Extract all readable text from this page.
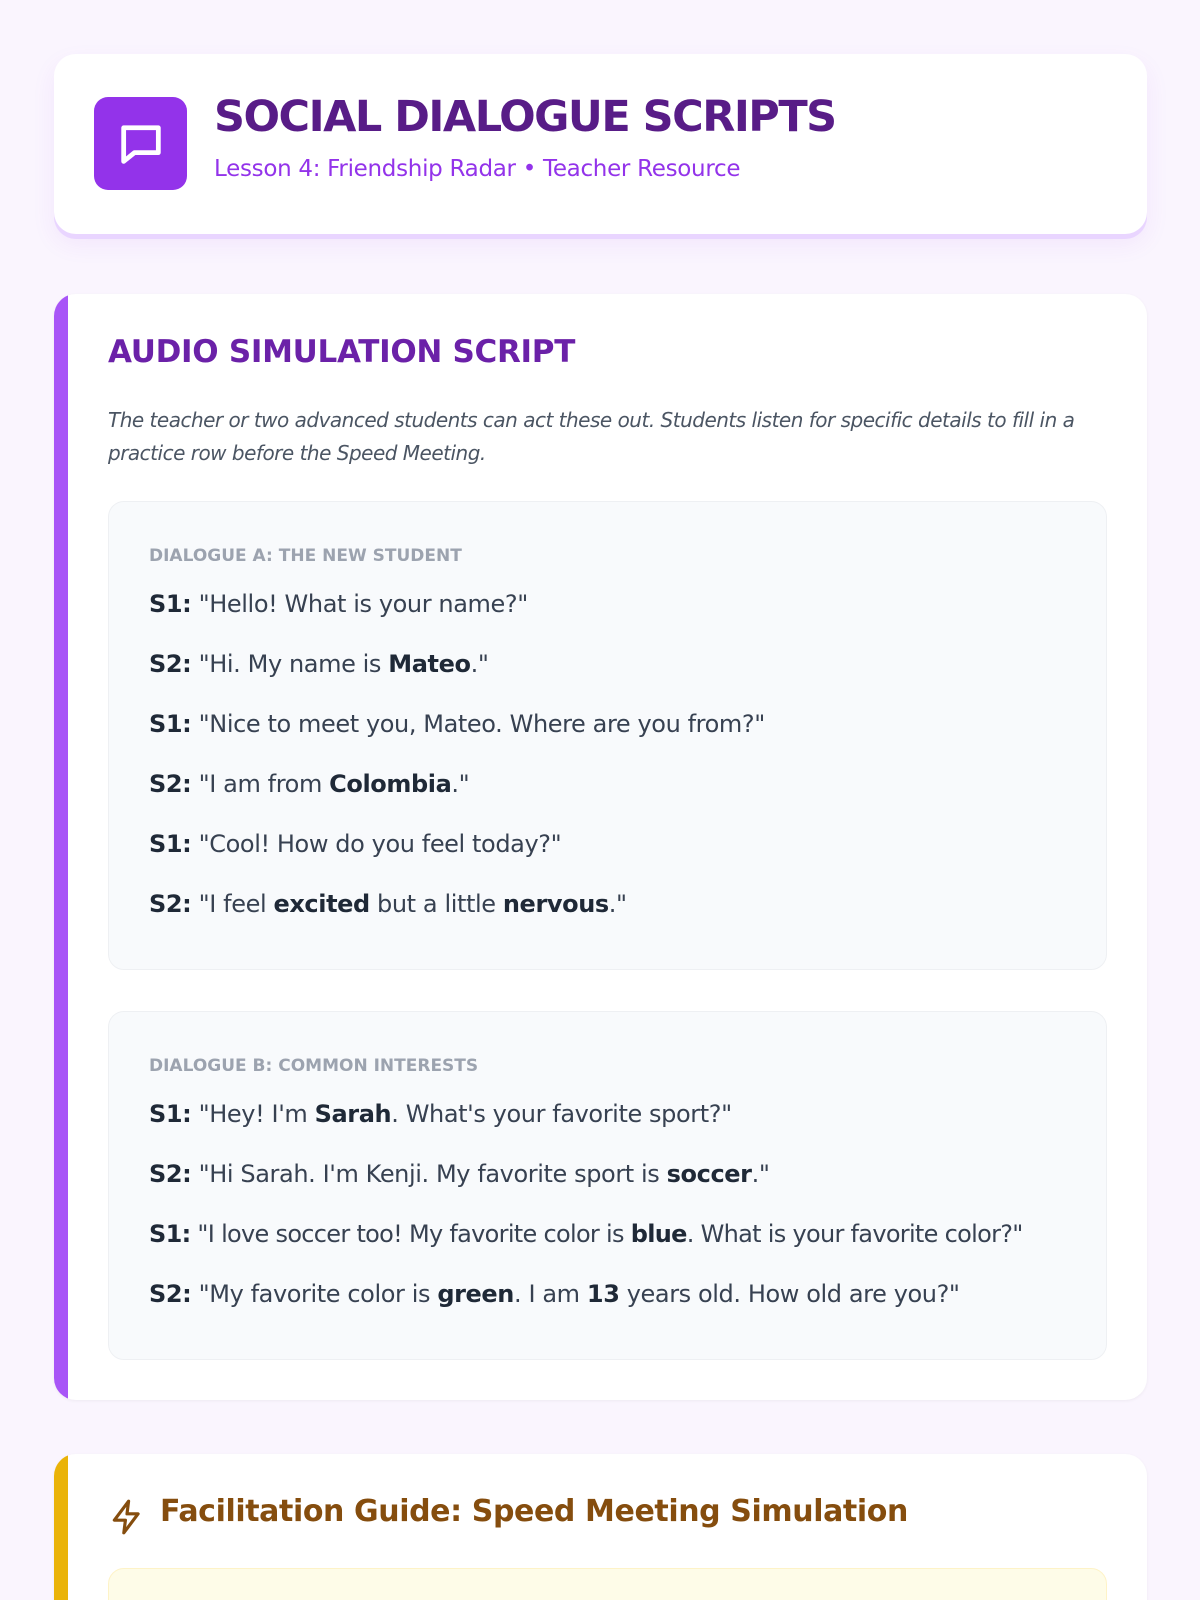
SOCIAL DIALOGUE SCRIPTS
Lesson 4: Friendship Radar • Teacher Resource
AUDIO SIMULATION SCRIPT
The teacher or two advanced students can act these out. Students listen for specific details to fill in a practice row before the Speed Meeting.
DIALOGUE A: THE NEW STUDENT
S1: "Hello! What is your name?"
S2: "Hi. My name is Mateo."
S1: "Nice to meet you, Mateo. Where are you from?"
S2: "I am from Colombia."
S1: "Cool! How do you feel today?"
S2: "I feel excited but a little nervous."
DIALOGUE B: COMMON INTERESTS
S1: "Hey! I'm Sarah. What's your favorite sport?"
S2: "Hi Sarah. I'm Kenji. My favorite sport is soccer."
S1: "I love soccer too! My favorite color is blue. What is your favorite color?"
S2: "My favorite color is green. I am 13 years old. How old are you?"
Facilitation Guide: Speed Meeting Simulation
